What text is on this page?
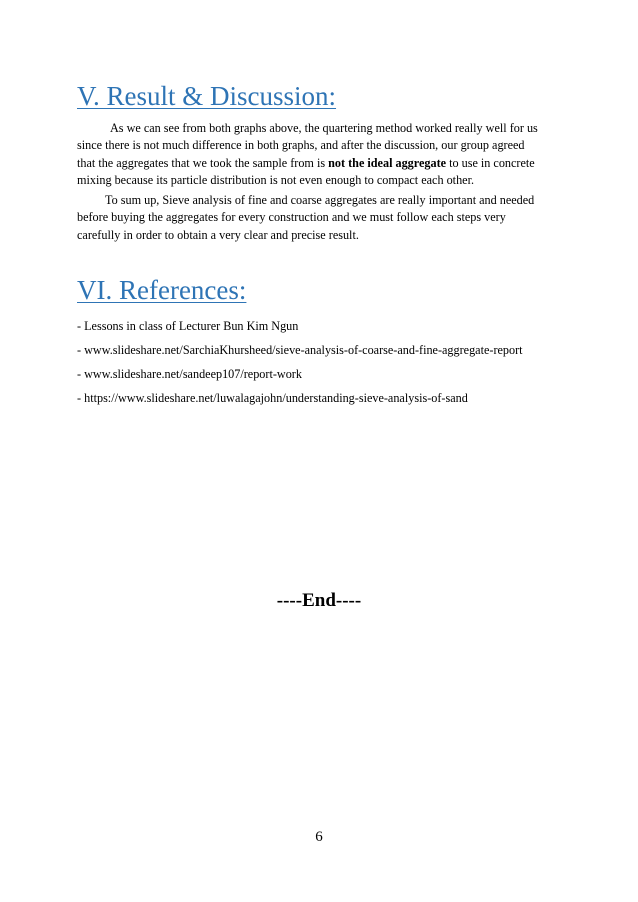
V. Result & Discussion:

As we can see from both graphs above, the quartering method worked really well for us
since there is not much difference in both graphs, and after the discussion, our group agreed
that the aggregates that we took the sample from is not the ideal aggregate to use in concrete
mixing because its particle distribution is not even enough to compact each other.

To sum up, Sieve analysis of fine and coarse aggregates are really important and needed
before buying the aggregates for every construction and we must follow each steps very
carefully in order to obtain a very clear and precise result.

VI. References:

- Lessons in class of Lecturer Bun Kim Ngun

- www.slideshare.net/SarchiaKhursheed/sieve-analysis-of-coarse-and-fine-aggregate-report

- www.slideshare.net/sandeep107/report-work

- https://www.slideshare.net/luwalagajohn/understanding-sieve-analysis-of-sand

----End----

6
